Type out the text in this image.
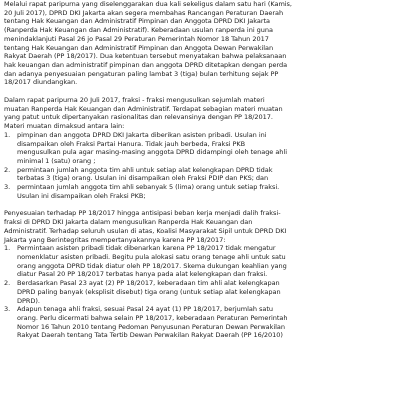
Melalui rapat paripurna yang diselenggarakan dua kali sekeligus dalam satu hari (Kamis,
20 Juli 2017), DPRD DKI Jakarta akan segera membahas Rancangan Peraturan Daerah
tentang Hak Keuangan dan Administratif Pimpinan dan Anggota DPRD DKI Jakarta
(Ranperda Hak Keuangan dan Administratif). Keberadaan usulan ranperda ini guna
menindaklanjuti Pasal 26 jo Pasal 29 Peraturan Pemerintah Nomor 18 Tahun 2017
tentang Hak Keuangan dan Administratif Pimpinan dan Anggota Dewan Perwakilan
Rakyat Daerah (PP 18/2017). Dua ketentuan tersebut menyatakan bahwa pelaksanaan
hak keuangan dan administratif pimpinan dan anggota DPRD ditetapkan dengan perda
dan adanya penyesuaian pengaturan paling lambat 3 (tiga) bulan terhitung sejak PP
18/2017 diundangkan.
Dalam rapat paripurna 20 Juli 2017, fraksi - fraksi mengusulkan sejumlah materi
muatan Ranperda Hak Keuangan dan Administratif. Terdapat sebagian materi muatan
yang patut untuk dipertanyakan rasionalitas dan relevansinya dengan PP 18/2017.
Materi muatan dimaksud antara lain:
1.	pimpinan dan anggota DPRD DKI Jakarta diberikan asisten pribadi. Usulan ini
disampaikan oleh Fraksi Partai Hanura. Tidak jauh berbeda, Fraksi PKB
mengusulkan pula agar masing-masing anggota DPRD didampingi oleh tenage ahli
minimal 1 (satu) orang ;
2.	permintaan jumlah anggota tim ahli untuk setiap alat kelengkapan DPRD tidak
terbatas 3 (tiga) orang. Usulan ini disampaikan oleh Fraksi PDIP dan PKS; dan
3.	permintaan jumlah anggota tim ahli sebanyak 5 (lima) orang untuk setiap fraksi.
Usulan ini disampaikan oleh Fraksi PKB;
Penyesuaian terhadap PP 18/2017 hingga antisipasi beban kerja menjadi dalih fraksi-
fraksi di DPRD DKI Jakarta dalam mengusulkan Ranperda Hak Keuangan dan
Administratif. Terhadap seluruh usulan di atas, Koalisi Masyarakat Sipil untuk DPRD DKI
Jakarta yang Berintegritas mempertanyakannya karena PP 18/2017:
1.	Permintaan asisten pribadi tidak dibenarkan karena PP 18/2017 tidak mengatur
nomenklatur asisten pribadi. Begitu pula alokasi satu orang tenage ahli untuk satu
orang anggota DPRD tidak diatur oleh PP 18/2017. Skema dukungan keahlian yang
diatur Pasal 20 PP 18/2017 terbatas hanya pada alat kelengkapan dan fraksi.
2.	Berdasarkan Pasal 23 ayat (2) PP 18/2017, keberadaan tim ahli alat kelengkapan
DPRD paling banyak (eksplisit disebut) tiga orang (untuk setiap alat kelengkapan
DPRD).
3.	Adapun tenaga ahli fraksi, sesuai Pasal 24 ayat (1) PP 18/2017, berjumlah satu
orang. Perlu dicermati bahwa selain PP 18/2017, keberadaan Peraturan Pemerintah
Nomor 16 Tahun 2010 tentang Pedoman Penyusunan Peraturan Dewan Perwakilan
Rakyat Daerah tentang Tata Tertib Dewan Perwakilan Rakyat Daerah (PP 16/2010)
